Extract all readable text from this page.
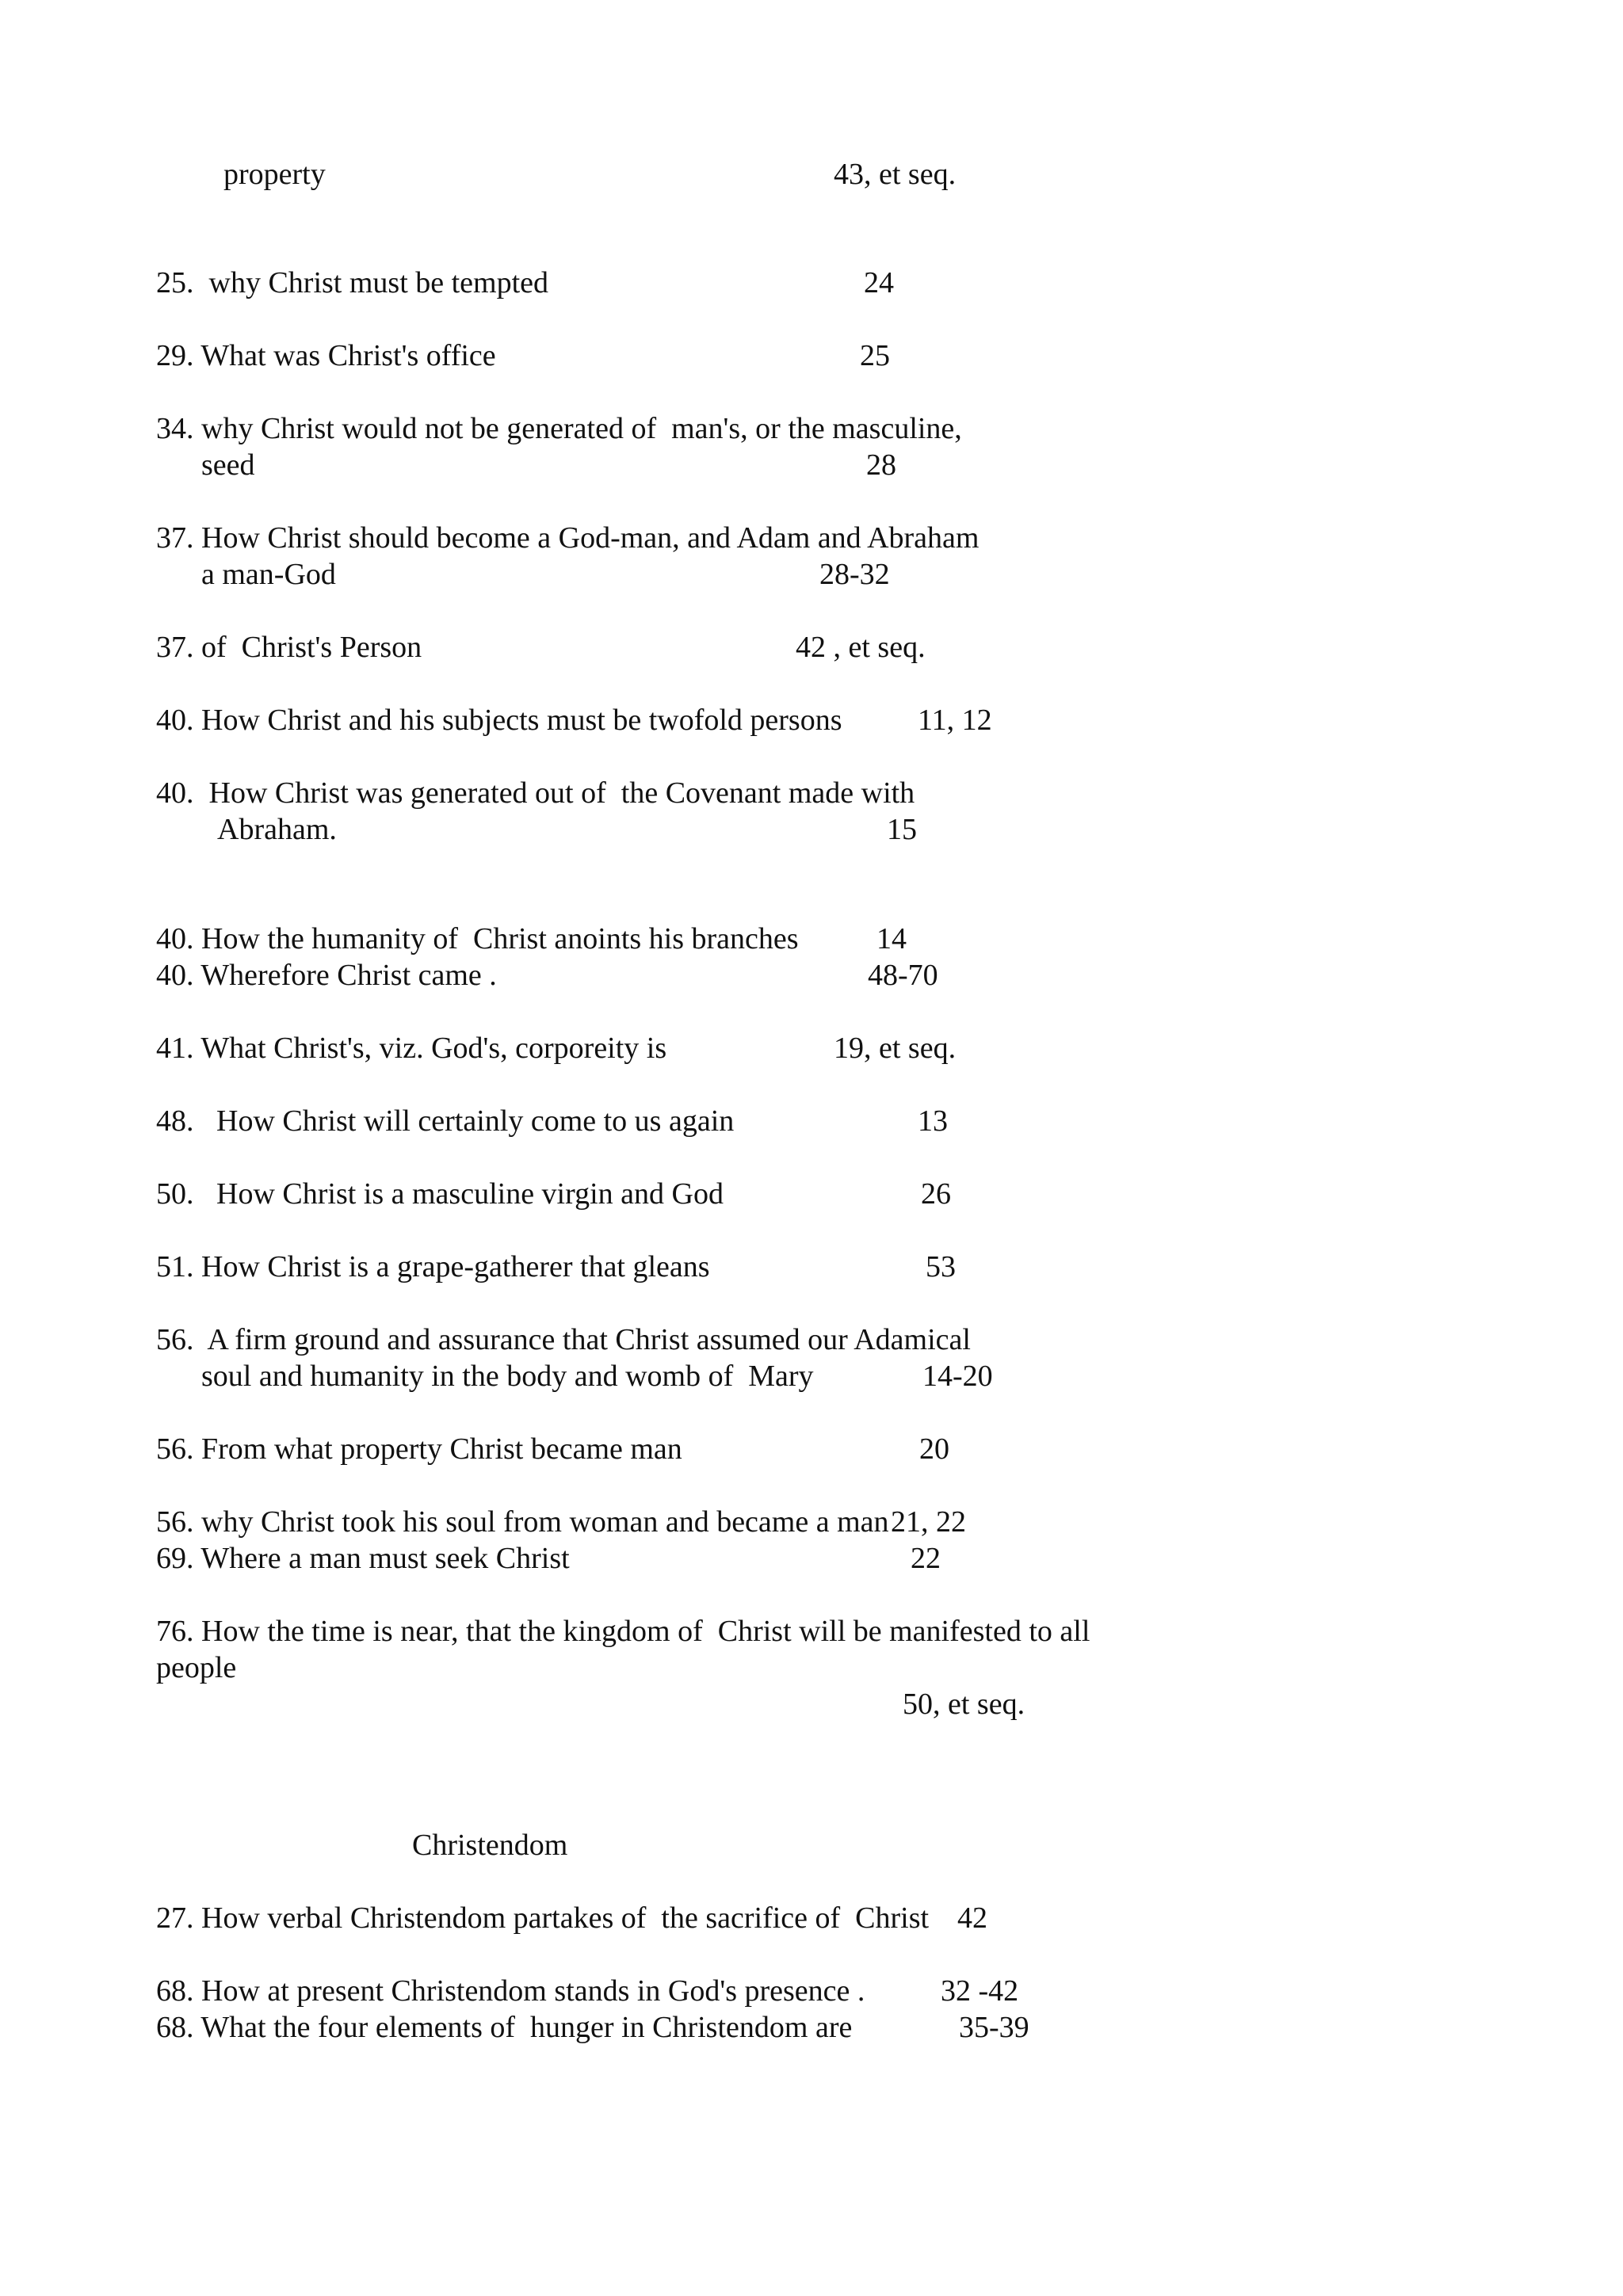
property	43, et seq.
25.  why Christ must be tempted	24
29. What was Christ's office	25
34. why Christ would not be generated of  man's, or the masculine,
seed	28
37. How Christ should become a God-man, and Adam and Abraham
a man-God	28-32
37. of  Christ's Person	42 , et seq.
40. How Christ and his subjects must be twofold persons	11, 12
40.  How Christ was generated out of  the Covenant made with
Abraham.	15
40. How the humanity of  Christ anoints his branches	14
40. Wherefore Christ came .	48-70
41. What Christ's, viz. God's, corporeity is	19, et seq.
48.   How Christ will certainly come to us again	13
50.   How Christ is a masculine virgin and God	26
51. How Christ is a grape-gatherer that gleans	53
56.  A firm ground and assurance that Christ assumed our Adamical
soul and humanity in the body and womb of  Mary	14-20
56. From what property Christ became man	20
56. why Christ took his soul from woman and became a man 21, 22
69. Where a man must seek Christ	22
76. How the time is near, that the kingdom of  Christ will be manifested to all
people
50, et seq.
Christendom
27. How verbal Christendom partakes of  the sacrifice of  Christ 42
68. How at present Christendom stands in God's presence .	32 -42
68. What the four elements of  hunger in Christendom are	35-39
